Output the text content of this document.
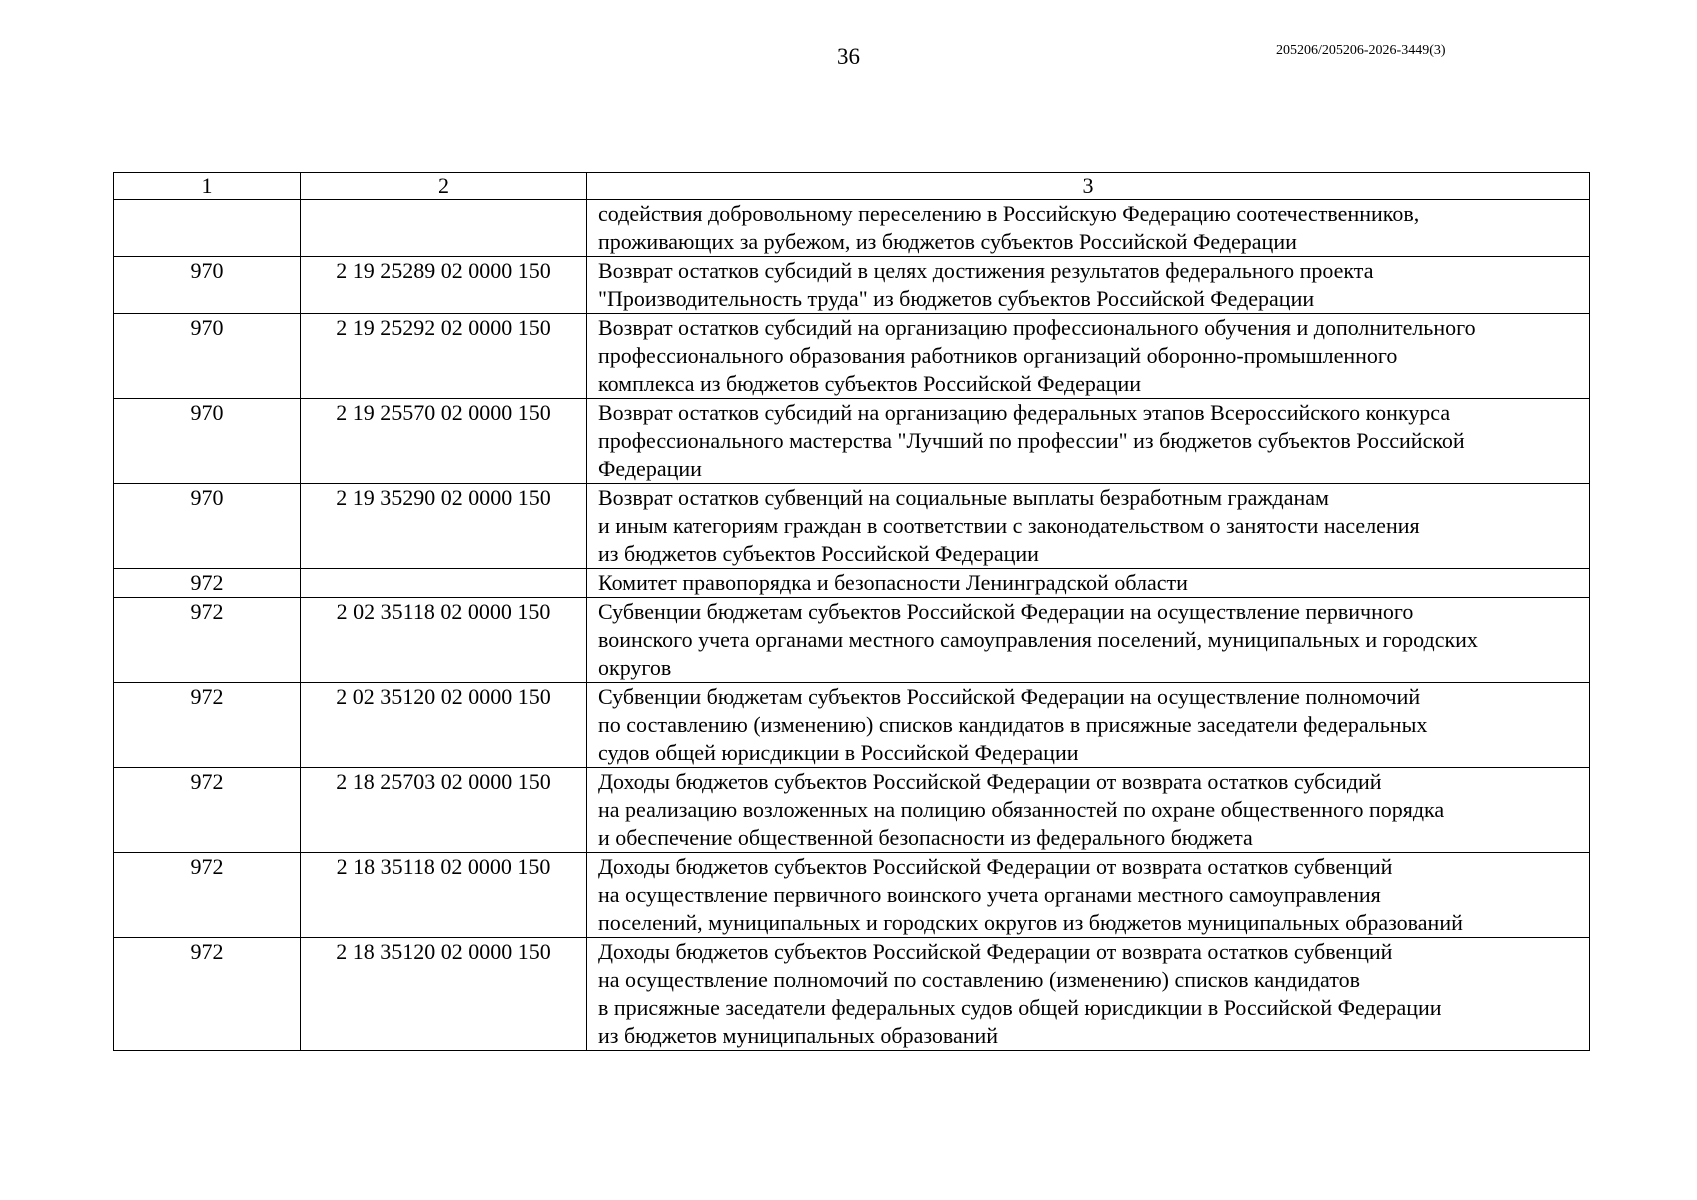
36	205206/205206-2026-3449(3)
1	2	3

		содействия добровольному переселению в Российскую Федерацию соотечественников,
проживающих за рубежом, из бюджетов субъектов Российской Федерации

970	2 19 25289 02 0000 150	Возврат остатков субсидий в целях достижения результатов федерального проекта
"Производительность труда" из бюджетов субъектов Российской Федерации

970	2 19 25292 02 0000 150	Возврат остатков субсидий на организацию профессионального обучения и дополнительного
профессионального образования работников организаций оборонно-промышленного
комплекса из бюджетов субъектов Российской Федерации

970	2 19 25570 02 0000 150	Возврат остатков субсидий на организацию федеральных этапов Всероссийского конкурса
профессионального мастерства "Лучший по профессии" из бюджетов субъектов Российской
Федерации

970	2 19 35290 02 0000 150	Возврат остатков субвенций на социальные выплаты безработным гражданам
и иным категориям граждан в соответствии с законодательством о занятости населения
из бюджетов субъектов Российской Федерации

972		Комитет правопорядка и безопасности Ленинградской области

972	2 02 35118 02 0000 150	Субвенции бюджетам субъектов Российской Федерации на осуществление первичного
воинского учета органами местного самоуправления поселений, муниципальных и городских
округов

972	2 02 35120 02 0000 150	Субвенции бюджетам субъектов Российской Федерации на осуществление полномочий
по составлению (изменению) списков кандидатов в присяжные заседатели федеральных
судов общей юрисдикции в Российской Федерации

972	2 18 25703 02 0000 150	Доходы бюджетов субъектов Российской Федерации от возврата остатков субсидий
на реализацию возложенных на полицию обязанностей по охране общественного порядка
и обеспечение общественной безопасности из федерального бюджета

972	2 18 35118 02 0000 150	Доходы бюджетов субъектов Российской Федерации от возврата остатков субвенций
на осуществление первичного воинского учета органами местного самоуправления
поселений, муниципальных и городских округов из бюджетов муниципальных образований

972	2 18 35120 02 0000 150	Доходы бюджетов субъектов Российской Федерации от возврата остатков субвенций
на осуществление полномочий по составлению (изменению) списков кандидатов
в присяжные заседатели федеральных судов общей юрисдикции в Российской Федерации
из бюджетов муниципальных образований
